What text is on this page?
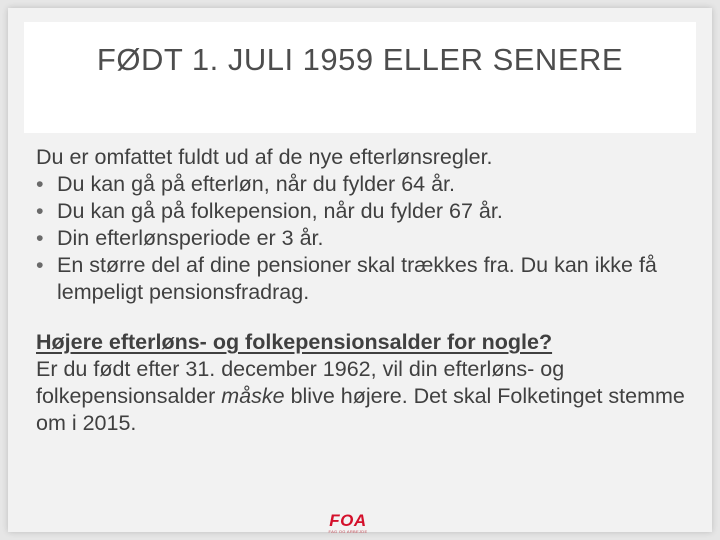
FØDT 1. JULI 1959 ELLER SENERE

Du er omfattet fuldt ud af de nye efterlønsregler.

• Du kan gå på efterløn, når du fylder 64 år.
• Du kan gå på folkepension, når du fylder 67 år.
• Din efterlønsperiode er 3 år.
• En større del af dine pensioner skal trækkes fra. Du kan ikke få lempeligt pensionsfradrag.
Højere efterløns- og folkepensionsalder for nogle?

Er du født efter 31. december 1962, vil din efterløns- og folkepensionsalder måske blive højere. Det skal Folketinget stemme om i 2015.

FOA
FAG OG ARBEJDE
